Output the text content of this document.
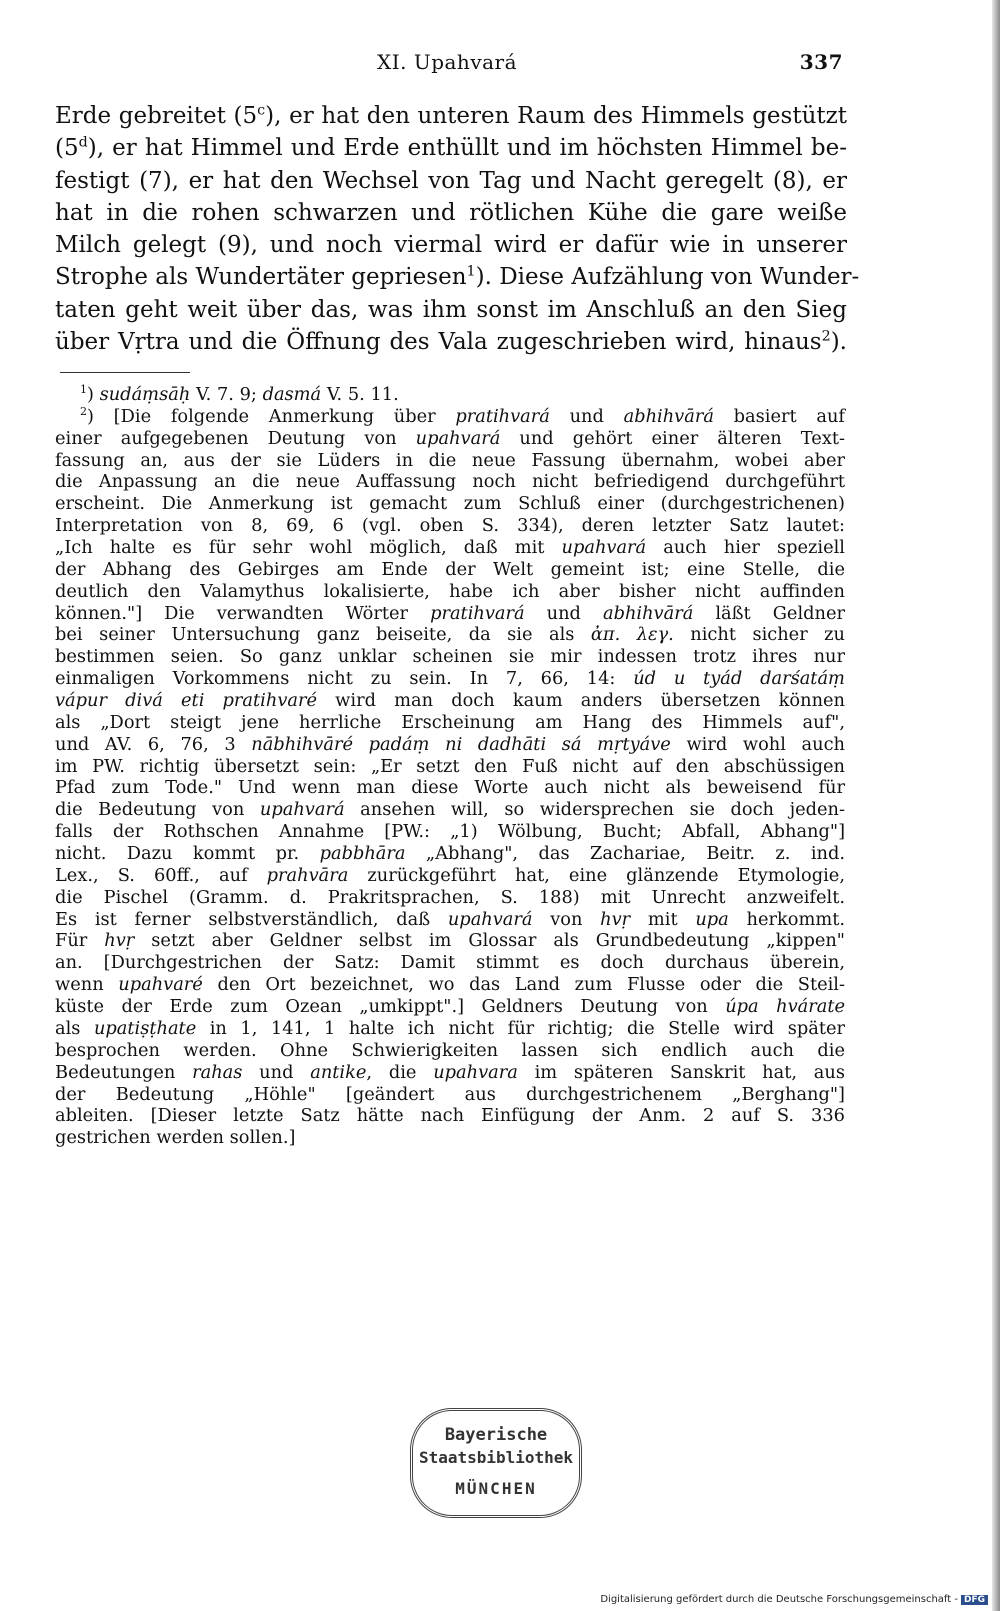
XI. Upahvará	337
Erde gebreitet (5$^c$), er hat den unteren Raum des Himmels gestützt
(5$^d$), er hat Himmel und Erde enthüllt und im höchsten Himmel be-
festigt (7), er hat den Wechsel von Tag und Nacht geregelt (8), er
hat in die rohen schwarzen und rötlichen Kühe die gare weiße
Milch gelegt (9), und noch viermal wird er dafür wie in unserer
Strophe als Wundertäter gepriesen$^1$). Diese Aufzählung von Wunder-
taten geht weit über das, was ihm sonst im Anschluß an den Sieg
über Vṛtra und die Öffnung des Vala zugeschrieben wird, hinaus$^2$).
$^1$) sudáṃsāḥ V. 7. 9; dasmá V. 5. 11.
$^2$) [Die folgende Anmerkung über pratihvará und abhihvārá basiert auf
einer aufgegebenen Deutung von upahvará und gehört einer älteren Text-
fassung an, aus der sie Lüders in die neue Fassung übernahm, wobei aber
die Anpassung an die neue Auffassung noch nicht befriedigend durchgeführt
erscheint. Die Anmerkung ist gemacht zum Schluß einer (durchgestrichenen)
Interpretation von 8, 69, 6 (vgl. oben S. 334), deren letzter Satz lautet:
„Ich halte es für sehr wohl möglich, daß mit upahvará auch hier speziell
der Abhang des Gebirges am Ende der Welt gemeint ist; eine Stelle, die
deutlich den Valamythus lokalisierte, habe ich aber bisher nicht auffinden
können."] Die verwandten Wörter pratihvará und abhihvārá läßt Geldner
bei seiner Untersuchung ganz beiseite, da sie als ἀπ. λεγ. nicht sicher zu
bestimmen seien. So ganz unklar scheinen sie mir indessen trotz ihres nur
einmaligen Vorkommens nicht zu sein. In 7, 66, 14: úd u tyád darśatáṃ
vápur divá eti pratihvaré wird man doch kaum anders übersetzen können
als „Dort steigt jene herrliche Erscheinung am Hang des Himmels auf",
und AV. 6, 76, 3 nābhihvāré padáṃ ni dadhāti sá mṛtyáve wird wohl auch
im PW. richtig übersetzt sein: „Er setzt den Fuß nicht auf den abschüssigen
Pfad zum Tode." Und wenn man diese Worte auch nicht als beweisend für
die Bedeutung von upahvará ansehen will, so widersprechen sie doch jeden-
falls der Rothschen Annahme [PW.: „1) Wölbung, Bucht; Abfall, Abhang"]
nicht. Dazu kommt pr. pabbhāra „Abhang", das Zachariae, Beitr. z. ind.
Lex., S. 60ff., auf prahvāra zurückgeführt hat, eine glänzende Etymologie,
die Pischel (Gramm. d. Prakritsprachen, S. 188) mit Unrecht anzweifelt.
Es ist ferner selbstverständlich, daß upahvará von hvṛ mit upa herkommt.
Für hvṛ setzt aber Geldner selbst im Glossar als Grundbedeutung „kippen"
an. [Durchgestrichen der Satz: Damit stimmt es doch durchaus überein,
wenn upahvaré den Ort bezeichnet, wo das Land zum Flusse oder die Steil-
küste der Erde zum Ozean „umkippt".] Geldners Deutung von úpa hvárate
als upatiṣṭhate in 1, 141, 1 halte ich nicht für richtig; die Stelle wird später
besprochen werden. Ohne Schwierigkeiten lassen sich endlich auch die
Bedeutungen rahas und antike, die upahvara im späteren Sanskrit hat, aus
der Bedeutung „Höhle" [geändert aus durchgestrichenem „Berghang"]
ableiten. [Dieser letzte Satz hätte nach Einfügung der Anm. 2 auf S. 336
gestrichen werden sollen.]
Bayerische
Staatsbibliothek
MÜNCHEN
Digitalisierung gefördert durch die Deutsche Forschungsgemeinschaft - DFG
